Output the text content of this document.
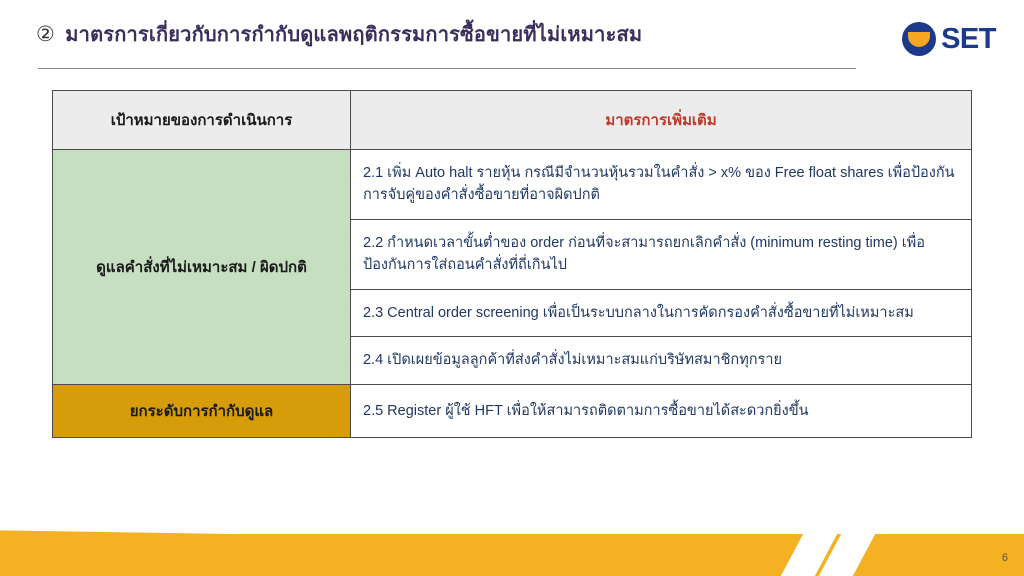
② มาตรการเกี่ยวกับการกำกับดูแลพฤติกรรมการซื้อขายที่ไม่เหมาะสม	SET
เป้าหมายของการดำเนินการ	มาตรการเพิ่มเติม
ดูแลคำสั่งที่ไม่เหมาะสม / ผิดปกติ	2.1 เพิ่ม Auto halt รายหุ้น กรณีมีจำนวนหุ้นรวมในคำสั่ง > x% ของ Free float shares เพื่อป้องกันการจับคู่ของคำสั่งซื้อขายที่อาจผิดปกติ
	2.2 กำหนดเวลาขั้นต่ำของ order ก่อนที่จะสามารถยกเลิกคำสั่ง (minimum resting time) เพื่อป้องกันการใส่ถอนคำสั่งที่ถี่เกินไป
	2.3 Central order screening เพื่อเป็นระบบกลางในการคัดกรองคำสั่งซื้อขายที่ไม่เหมาะสม
	2.4 เปิดเผยข้อมูลลูกค้าที่ส่งคำสั่งไม่เหมาะสมแก่บริษัทสมาชิกทุกราย
ยกระดับการกำกับดูแล	2.5 Register ผู้ใช้ HFT เพื่อให้สามารถติดตามการซื้อขายได้สะดวกยิ่งขึ้น
6
